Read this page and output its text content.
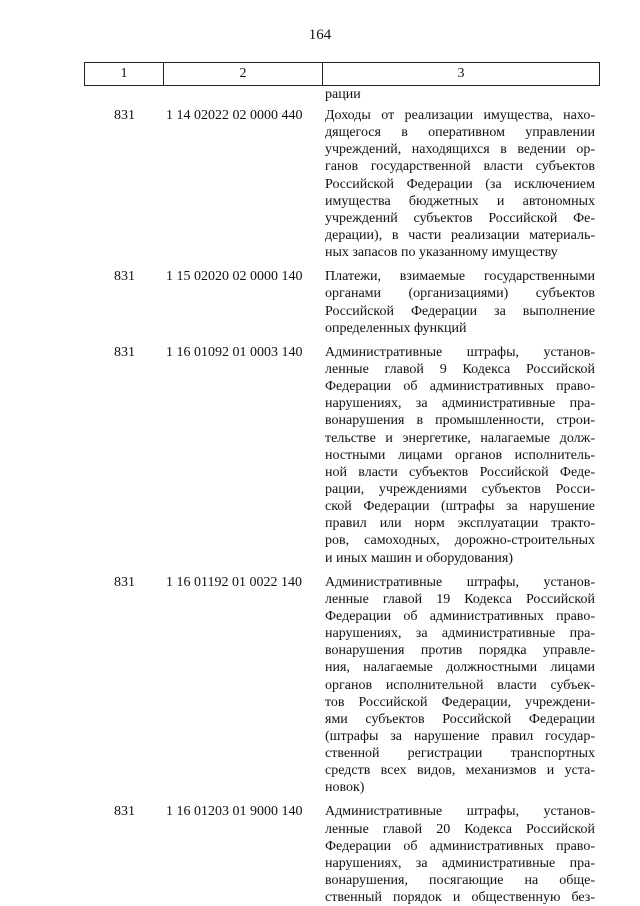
164
1	2	3
рации
831 1 14 02022 02 0000 440 Доходы от реализации имущества, нахо-
дящегося в оперативном управлении
учреждений, находящихся в ведении ор-
ганов государственной власти субъектов
Российской Федерации (за исключением
имущества бюджетных и автономных
учреждений субъектов Российской Фе-
дерации), в части реализации материаль-
ных запасов по указанному имуществу
831 1 15 02020 02 0000 140 Платежи, взимаемые государственными
органами (организациями) субъектов
Российской Федерации за выполнение
определенных функций
831 1 16 01092 01 0003 140 Административные штрафы, установ-
ленные главой 9 Кодекса Российской
Федерации об административных право-
нарушениях, за административные пра-
вонарушения в промышленности, строи-
тельстве и энергетике, налагаемые долж-
ностными лицами органов исполнитель-
ной власти субъектов Российской Феде-
рации, учреждениями субъектов Росси-
ской Федерации (штрафы за нарушение
правил или норм эксплуатации тракто-
ров, самоходных, дорожно-строительных
и иных машин и оборудования)
831 1 16 01192 01 0022 140 Административные штрафы, установ-
ленные главой 19 Кодекса Российской
Федерации об административных право-
нарушениях, за административные пра-
вонарушения против порядка управле-
ния, налагаемые должностными лицами
органов исполнительной власти субъек-
тов Российской Федерации, учреждени-
ями субъектов Российской Федерации
(штрафы за нарушение правил государ-
ственной регистрации транспортных
средств всех видов, механизмов и уста-
новок)
831 1 16 01203 01 9000 140 Административные штрафы, установ-
ленные главой 20 Кодекса Российской
Федерации об административных право-
нарушениях, за административные пра-
вонарушения, посягающие на обще-
ственный порядок и общественную без-
